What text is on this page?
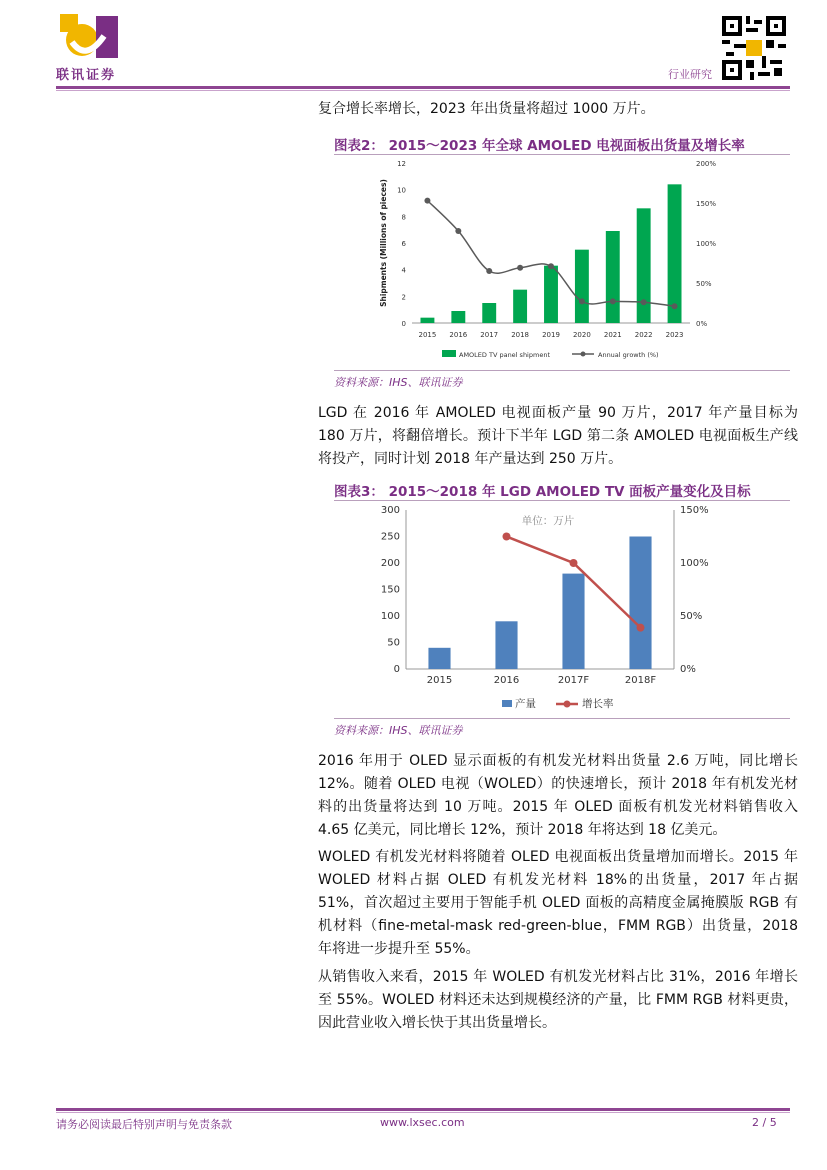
联讯证券	行业研究
复合增长率增长，2023 年出货量将超过 1000 万片。
图表2： 2015～2023 年全球 AMOLED 电视面板出货量及增长率
0
2
4
6
8
10
12
0%
50%
100%
150%
200%
2015 2016 2017 2018 2019 2020 2021 2022 2023
AMOLED TV panel shipment	Annual growth (%)
Shipments (Millions of pieces)
资料来源：IHS、联讯证券
LGD 在 2016 年 AMOLED 电视面板产量 90 万片，2017 年产量目标为 180 万片，将翻倍增长。预计下半年 LGD 第二条 AMOLED 电视面板生产线将投产，同时计划 2018 年产量达到 250 万片。
图表3： 2015～2018 年 LGD AMOLED TV 面板产量变化及目标
0
50
100
150
200
250
300
0%
50%
100%
150%
2015	2016	2017F	2018F
产量	增长率
单位：万片
资料来源：IHS、联讯证券
2016 年用于 OLED 显示面板的有机发光材料出货量 2.6 万吨，同比增长 12%。随着 OLED 电视（WOLED）的快速增长，预计 2018 年有机发光材料的出货量将达到 10 万吨。2015 年 OLED 面板有机发光材料销售收入 4.65 亿美元，同比增长 12%，预计 2018 年将达到 18 亿美元。
WOLED 有机发光材料将随着 OLED 电视面板出货量增加而增长。2015 年 WOLED 材料占据 OLED 有机发光材料 18%的出货量，2017 年占据 51%，首次超过主要用于智能手机 OLED 面板的高精度金属掩膜版 RGB 有机材料（fine-metal-mask red-green-blue，FMM RGB）出货量，2018 年将进一步提升至 55%。
从销售收入来看，2015 年 WOLED 有机发光材料占比 31%，2016 年增长至 55%。WOLED 材料还未达到规模经济的产量，比 FMM RGB 材料更贵，因此营业收入增长快于其出货量增长。
请务必阅读最后特别声明与免责条款	www.lxsec.com	2 / 5
